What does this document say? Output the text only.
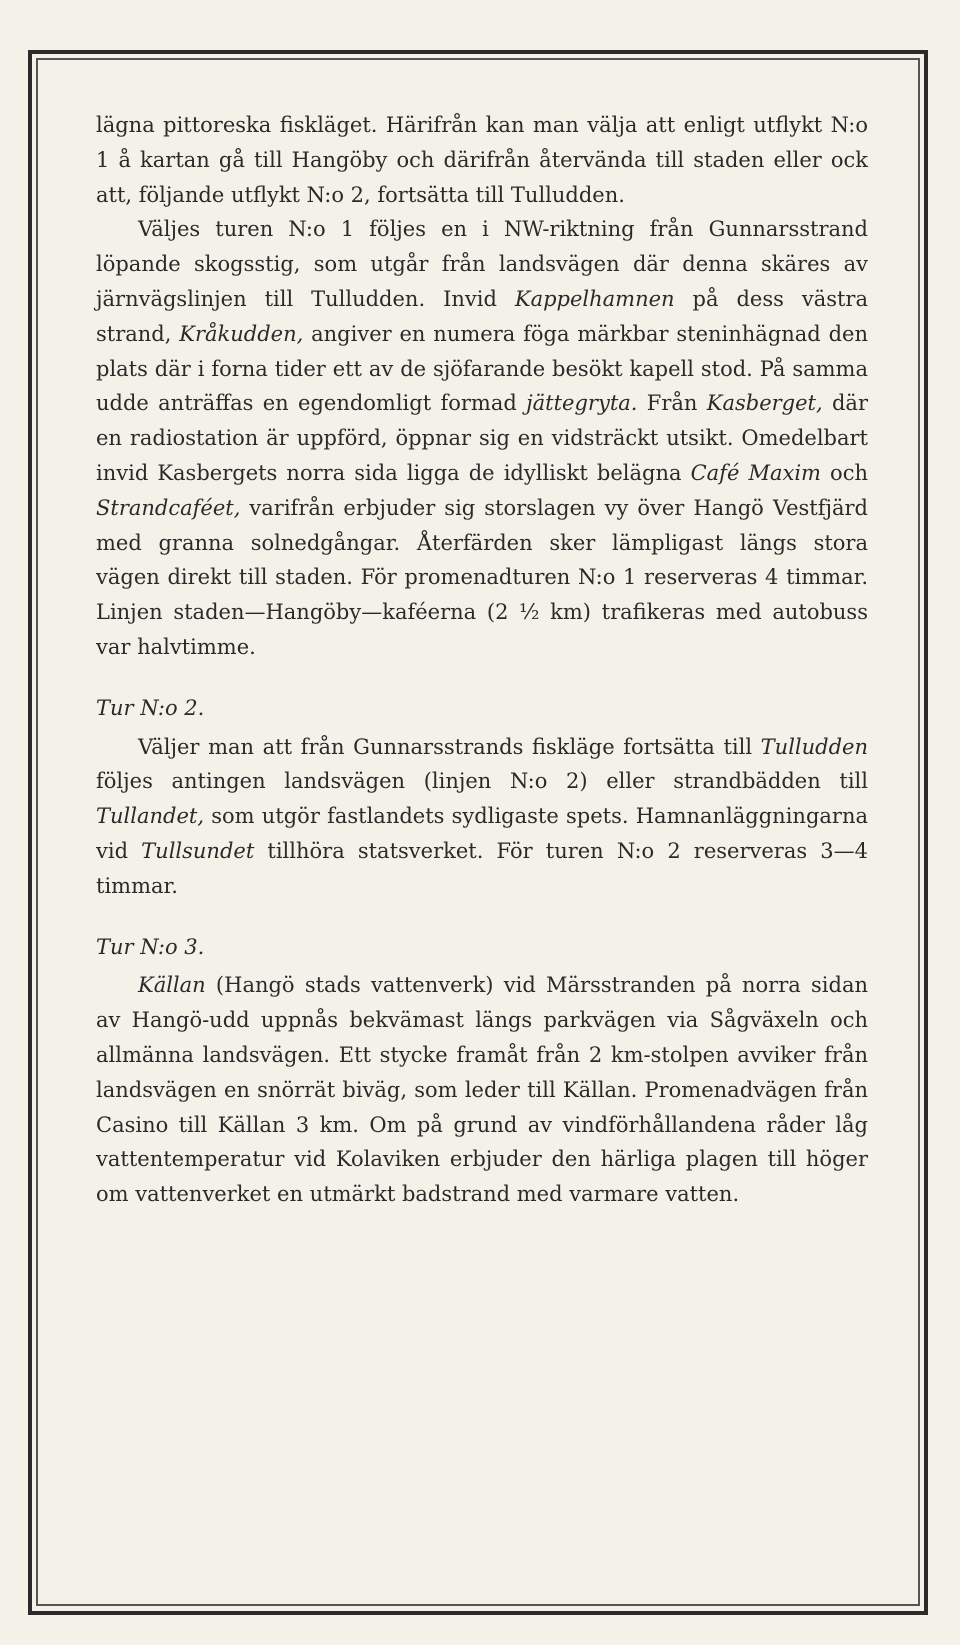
lägna pittoreska fiskläget. Härifrån kan man välja att enligt utflykt N:o 1 å kartan gå till Hangöby och därifrån återvända till staden eller ock att, följande utflykt N:o 2, fortsätta till Tulludden.

Väljes turen N:o 1 följes en i NW-riktning från Gunnarsstrand löpande skogsstig, som utgår från landsvägen där denna skäres av järnvägslinjen till Tulludden. Invid Kappelhamnen på dess västra strand, Kråkudden, angiver en numera föga märkbar steninhägnad den plats där i forna tider ett av de sjöfarande besökt kapell stod. På samma udde anträffas en egendomligt formad jättegryta. Från Kasberget, där en radiostation är uppförd, öppnar sig en vidsträckt utsikt. Omedelbart invid Kasbergets norra sida ligga de idylliskt belägna Café Maxim och Strandcaféet, varifrån erbjuder sig storslagen vy över Hangö Vestfjärd med granna solnedgångar. Återfärden sker lämpligast längs stora vägen direkt till staden. För promenadturen N:o 1 reserveras 4 timmar. Linjen staden—Hangöby—kaféerna (2 ½ km) trafikeras med autobuss var halvtimme.

Tur N:o 2.

Väljer man att från Gunnarsstrands fiskläge fortsätta till Tulludden följes antingen landsvägen (linjen N:o 2) eller strandbädden till Tullandet, som utgör fastlandets sydligaste spets. Hamnanläggningarna vid Tullsundet tillhöra statsverket. För turen N:o 2 reserveras 3—4 timmar.

Tur N:o 3.

Källan (Hangö stads vattenverk) vid Märsstranden på norra sidan av Hangö-udd uppnås bekvämast längs parkvägen via Sågväxeln och allmänna landsvägen. Ett stycke framåt från 2 km-stolpen avviker från landsvägen en snörrät biväg, som leder till Källan. Promenadvägen från Casino till Källan 3 km. Om på grund av vindförhållandena råder låg vattentemperatur vid Kolaviken erbjuder den härliga plagen till höger om vattenverket en utmärkt badstrand med varmare vatten.
